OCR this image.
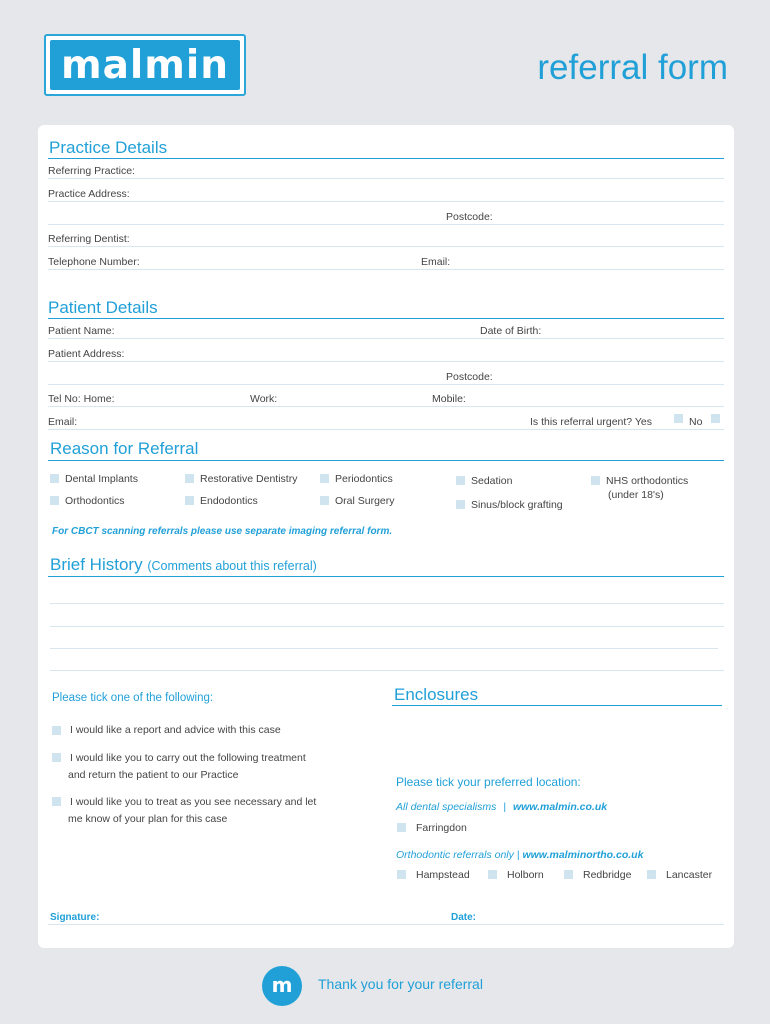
malmin	referral form
Practice Details
Referring Practice:
Practice Address:
Postcode:
Referring Dentist:
Telephone Number:	Email:
Patient Details
Patient Name:	Date of Birth:
Patient Address:
Postcode:
Tel No: Home:	Work:	Mobile:
Email:	Is this referral urgent? Yes	No
Reason for Referral
Dental Implants
Orthodontics
Restorative Dentistry
Endodontics
Periodontics
Oral Surgery
Sedation
Sinus/block grafting
NHS orthodontics
(under 18's)
For CBCT scanning referrals please use separate imaging referral form.
Brief History (Comments about this referral)
Please tick one of the following:
I would like a report and advice with this case
I would like you to carry out the following treatment
and return the patient to our Practice
I would like you to treat as you see necessary and let
me know of your plan for this case
Enclosures
Please tick your preferred location:
All dental specialisms | www.malmin.co.uk
Farringdon
Orthodontic referrals only | www.malminortho.co.uk
Hampstead	Holborn	Redbridge	Lancaster
Signature:	Date:
m	Thank you for your referral
